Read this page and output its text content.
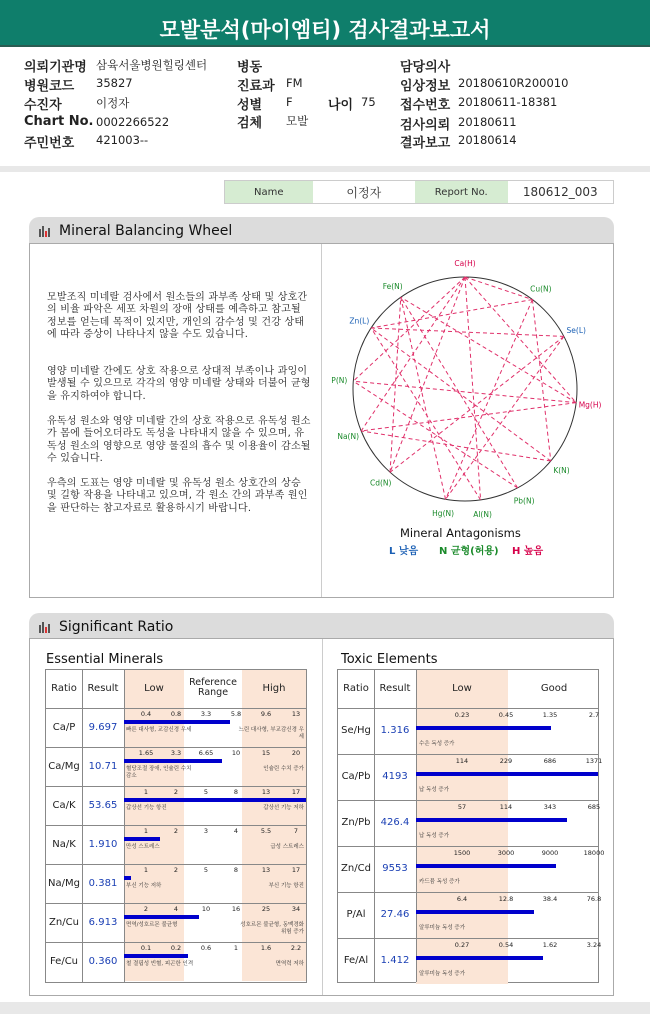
모발분석(마이엠티) 검사결과보고서
의뢰기관명 삼육서울병원힐링센터 병동	담당의사
병원코드 35827	진료과 FM	임상정보 20180610R200010
수진자	이정자	성별 F	나이 75 접수번호 20180611-18381
Chart No. 0002266522	검체 모발	검사의뢰 20180611
주민번호 421003--	결과보고 20180614
Name	이정자	Report No.	180612_003
Mineral Balancing Wheel
모발조직 미네랄 검사에서 원소들의 과부족 상태 및 상호간의 비율 파악은 세포 차원의 장애 상태를 예측하고 참고될 정보를 얻는데 목적이 있지만, 개인의 감수성 및 건강 상태에 따라 증상이 나타나지 않을 수도 있습니다.
영양 미네랄 간에도 상호 작용으로 상대적 부족이나 과잉이 발생될 수 있으므로 각각의 영양 미네랄 상태와 더불어 균형을 유지하여야 합니다.
유독성 원소와 영양 미네랄 간의 상호 작용으로 유독성 원소가 몸에 들어오더라도 독성을 나타내지 않을 수 있으며, 유독성 원소의 영향으로 영양 물질의 흡수 및 이용율이 감소될 수 있습니다.
우측의 도표는 영양 미네랄 및 유독성 원소 상호간의 상승 및 길항 작용을 나타내고 있으며, 각 원소 간의 과부족 원인을 판단하는 참고자료로 활용하시기 바랍니다.
Ca(H)
Cu(N)
Se(L)
Mg(H)
K(N)
Pb(N)
Al(N)
Hg(N)
Cd(N)
Na(N)
P(N)
Zn(L)
Fe(N)
Mineral Antagonisms
L 낮음 N 균형(허용) H 높음
Significant Ratio
Essential Minerals	Toxic Elements
Ratio	Result	Low
Reference Range	High
Ca/P	9.697
0.4	0.8	3.3	5.8	9.6	13
빠른 대사형, 교감신경 우세	느린 대사형, 부교감신경 우세
Ca/Mg 10.71
1.65	3.3	6.65	10	15	20
혈당조절 장애, 인슐린 수치 감소
인슐린 수치 증가
Ca/K	53.65
1	2	5	8	13	17
갑상선 기능 항진	갑상선 기능 저하
Na/K	1.910
1	2	3	4	5.5	7
만성 스트레스	급성 스트레스
Na/Mg 0.381
1	2	5	8	13	17
부신 기능 저하	부신 기능 항진
Zn/Cu 6.913
2	4	10	16	25	34
면역/성호르몬 불균형	성호르몬 불균형, 동맥경화 위험 증가
Fe/Cu	0.360
0.1	0.2	0.6	1	1.6	2.2
철 결핍성 빈혈, 피곤한 인격	면역력 저하
Ratio	Result	Low	Good
Se/Hg 1.316
0.23	0.45	1.35	2.7
수은 독성 증가
Ca/Pb	4193
114	229	686	1371
납 독성 증가
Zn/Pb	426.4
57	114	343	685
납 독성 증가
Zn/Cd	9553
1500	3000	9000	18000
카드뮴 독성 증가
P/Al	27.46
6.4	12.8	38.4	76.8
알루미늄 독성 증가
Fe/Al	1.412
0.27	0.54	1.62	3.24
알루미늄 독성 증가
